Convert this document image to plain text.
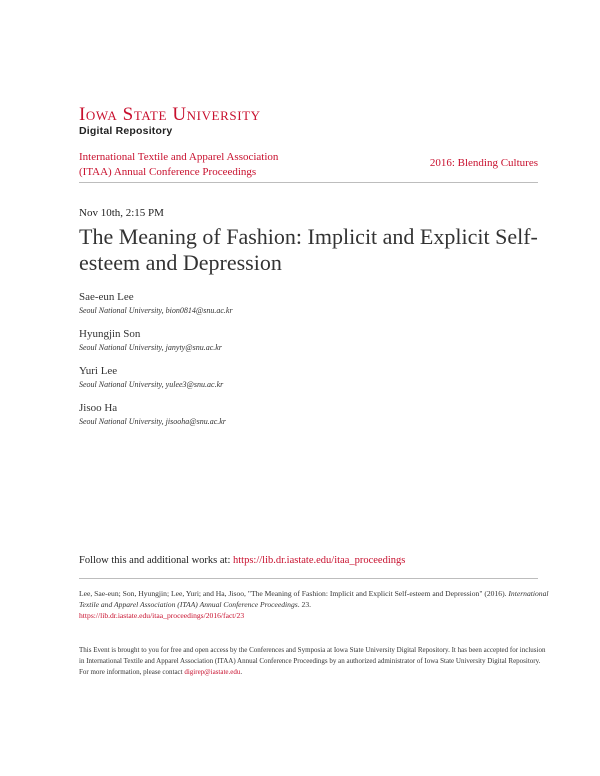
Iowa State University
Digital Repository
International Textile and Apparel Association
(ITAA) Annual Conference Proceedings
2016: Blending Cultures
Nov 10th, 2:15 PM
The Meaning of Fashion: Implicit and Explicit Self-esteem and Depression
Sae-eun Lee
Seoul National University, bion0814@snu.ac.kr
Hyungjin Son
Seoul National University, janyty@snu.ac.kr
Yuri Lee
Seoul National University, yulee3@snu.ac.kr
Jisoo Ha
Seoul National University, jisooha@snu.ac.kr
Follow this and additional works at: https://lib.dr.iastate.edu/itaa_proceedings
Lee, Sae-eun; Son, Hyungjin; Lee, Yuri; and Ha, Jisoo, "The Meaning of Fashion: Implicit and Explicit Self-esteem and Depression" (2016). International Textile and Apparel Association (ITAA) Annual Conference Proceedings. 23.
https://lib.dr.iastate.edu/itaa_proceedings/2016/fact/23
This Event is brought to you for free and open access by the Conferences and Symposia at Iowa State University Digital Repository. It has been accepted for inclusion in International Textile and Apparel Association (ITAA) Annual Conference Proceedings by an authorized administrator of Iowa State University Digital Repository. For more information, please contact digirep@iastate.edu.
